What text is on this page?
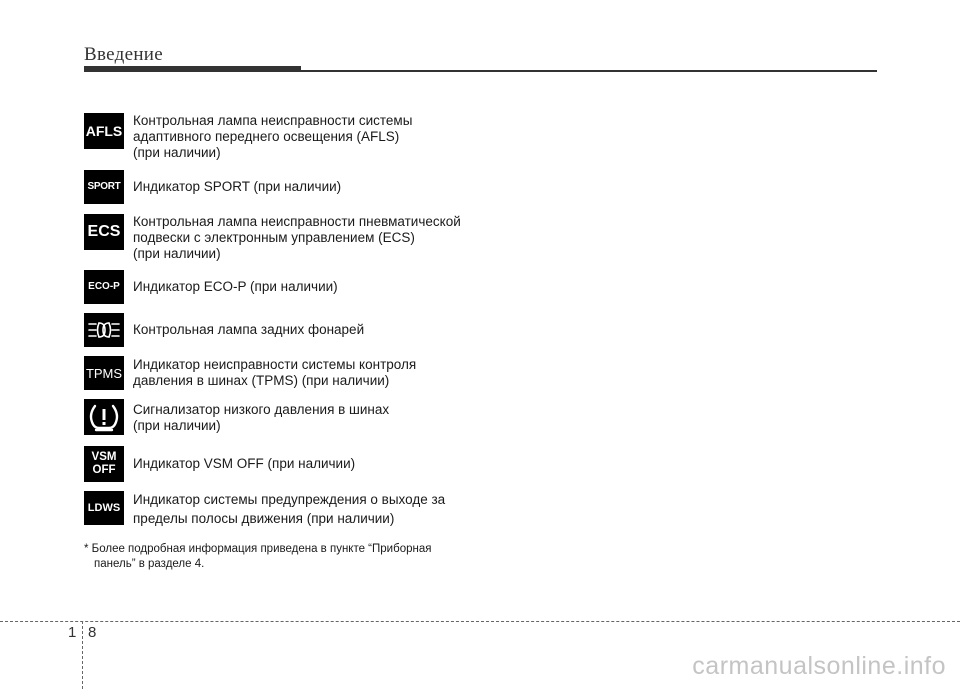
Введение
AFLS
Контрольная лампа неисправности системы
адаптивного переднего освещения (AFLS)
(при наличии)
SPORT Индикатор SPORT (при наличии)
ECS
Контрольная лампа неисправности пневматической
подвески с электронным управлением (ECS)
(при наличии)
ECO-P Индикатор ECO-P (при наличии)
Контрольная лампа задних фонарей
TPMS
Индикатор неисправности системы контроля
давления в шинах (TPMS) (при наличии)
Сигнализатор низкого давления в шинах
(при наличии)
VSM
OFF Индикатор VSM OFF (при наличии)
LDWS
Индикатор системы предупреждения о выходе за
пределы полосы движения (при наличии)
* Более подробная информация приведена в пункте “Приборная
панель” в разделе 4.
1 8
carmanualsonline.info
